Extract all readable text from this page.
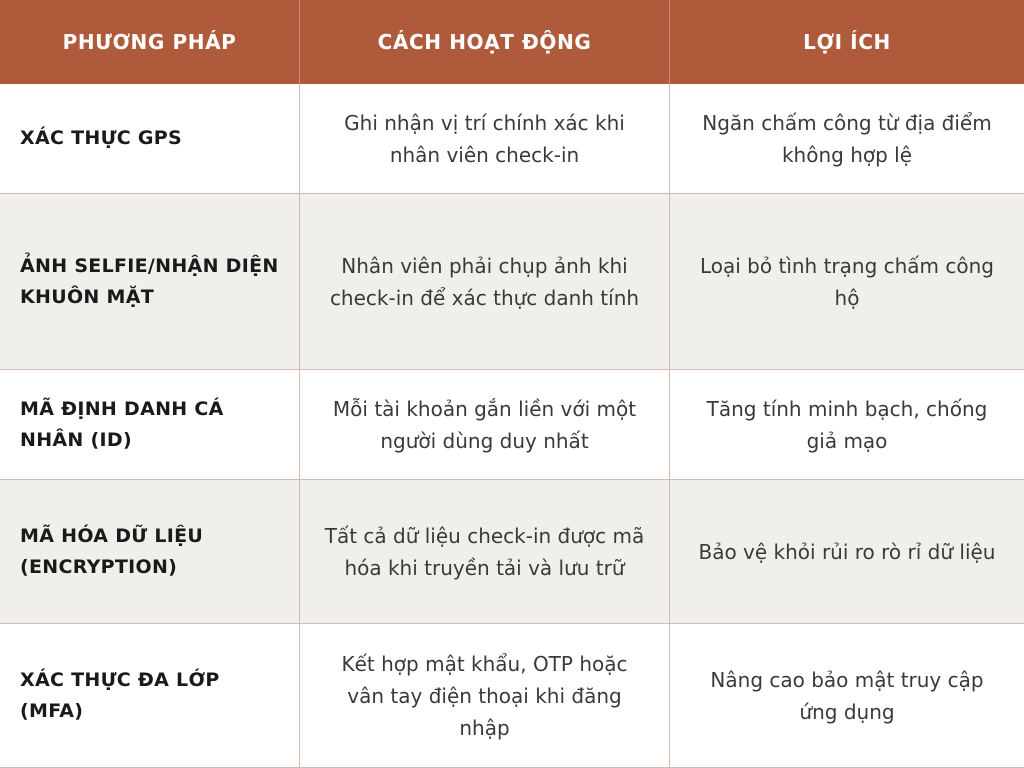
PHƯƠNG PHÁP	CÁCH HOẠT ĐỘNG	LỢI ÍCH
XÁC THỰC GPS
Ghi nhận vị trí chính xác khi nhân viên check-in
Ngăn chấm công từ địa điểm không hợp lệ
ẢNH SELFIE/NHẬN DIỆN KHUÔN MẶT
Nhân viên phải chụp ảnh khi check-in để xác thực danh tính
Loại bỏ tình trạng chấm công hộ
MÃ ĐỊNH DANH CÁ NHÂN (ID)
Mỗi tài khoản gắn liền với một người dùng duy nhất
Tăng tính minh bạch, chống giả mạo
MÃ HÓA DỮ LIỆU (ENCRYPTION)
Tất cả dữ liệu check-in được mã hóa khi truyền tải và lưu trữ
Bảo vệ khỏi rủi ro rò rỉ dữ liệu
XÁC THỰC ĐA LỚP (MFA)
Kết hợp mật khẩu, OTP hoặc vân tay điện thoại khi đăng nhập
Nâng cao bảo mật truy cập ứng dụng
